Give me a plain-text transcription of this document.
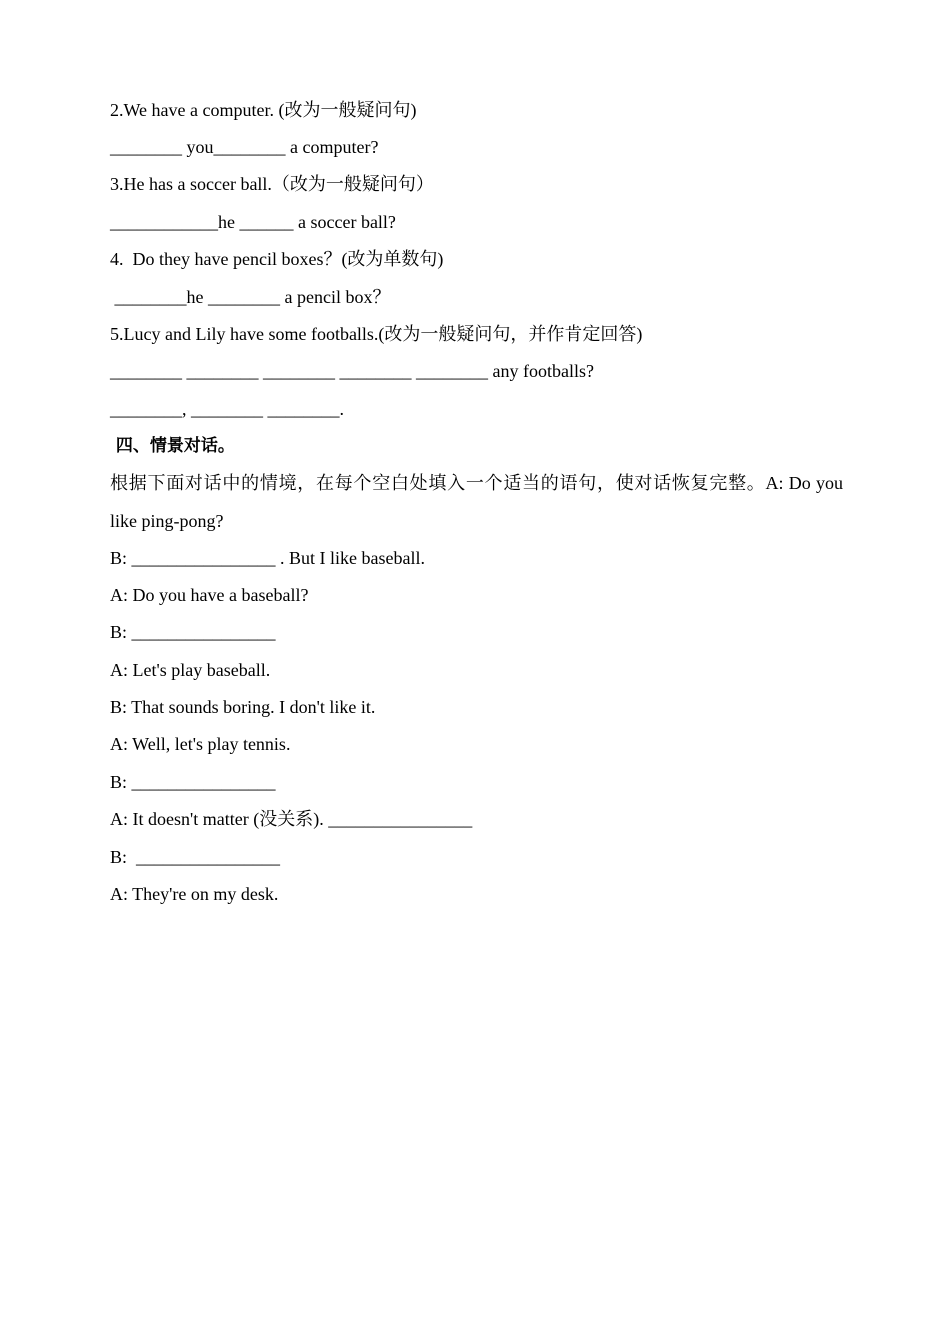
2.We have a computer. (改为一般疑问句)
________ you________ a computer?
3.He has a soccer ball.（改为一般疑问句）
____________he ______ a soccer ball?
4.  Do they have pencil boxes？(改为单数句)
________he ________ a pencil box？
5.Lucy and Lily have some footballs.(改为一般疑问句，并作肯定回答)
________ ________ ________ ________ ________ any footballs?
________, ________ ________.
四、情景对话。
根据下面对话中的情境，在每个空白处填入一个适当的语句，使对话恢复完整。A: Do you like ping-pong?
B: ________________ . But I like baseball.
A: Do you have a baseball?
B: ________________
A: Let's play baseball.
B: That sounds boring. I don't like it.
A: Well, let's play tennis.
B: ________________
A: It doesn't matter (没关系). ________________
B:  ________________
A: They're on my desk.
